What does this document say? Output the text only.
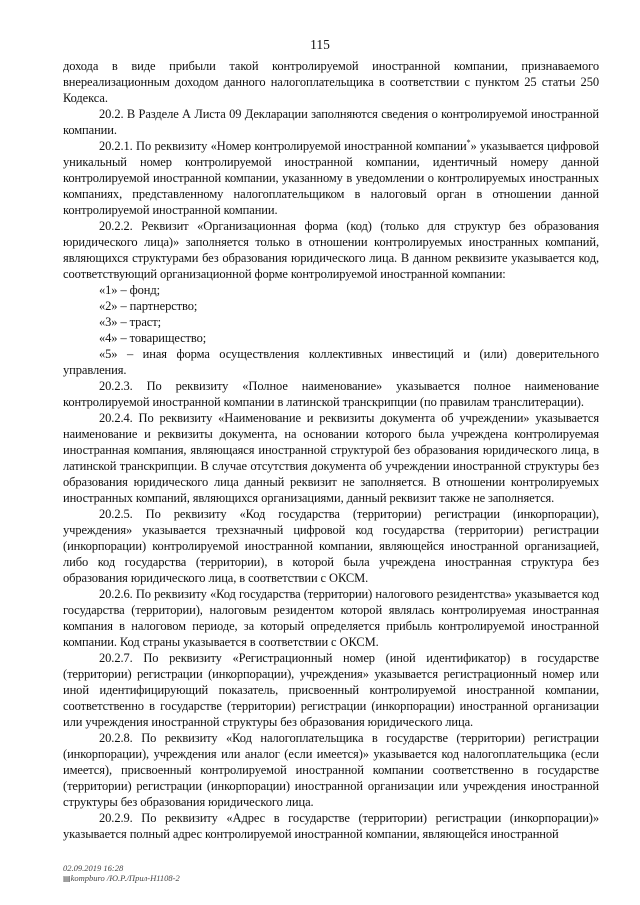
115

дохода в виде прибыли такой контролируемой иностранной компании, признаваемого внереализационным доходом данного налогоплательщика в соответствии с пунктом 25 статьи 250 Кодекса.

20.2. В Разделе А Листа 09 Декларации заполняются сведения о контролируемой иностранной компании.

20.2.1. По реквизиту «Номер контролируемой иностранной компании*» указывается цифровой уникальный номер контролируемой иностранной компании, идентичный номеру данной контролируемой иностранной компании, указанному в уведомлении о контролируемых иностранных компаниях, представленному налогоплательщиком в налоговый орган в отношении данной контролируемой иностранной компании.

20.2.2. Реквизит «Организационная форма (код) (только для структур без образования юридического лица)» заполняется только в отношении контролируемых иностранных компаний, являющихся структурами без образования юридического лица. В данном реквизите указывается код, соответствующий организационной форме контролируемой иностранной компании:

«1» – фонд;

«2» – партнерство;

«3» – траст;

«4» – товарищество;

«5» – иная форма осуществления коллективных инвестиций и (или) доверительного управления.

20.2.3. По реквизиту «Полное наименование» указывается полное наименование контролируемой иностранной компании в латинской транскрипции (по правилам транслитерации).

20.2.4. По реквизиту «Наименование и реквизиты документа об учреждении» указывается наименование и реквизиты документа, на основании которого была учреждена контролируемая иностранная компания, являющаяся иностранной структурой без образования юридического лица, в латинской транскрипции. В случае отсутствия документа об учреждении иностранной структуры без образования юридического лица данный реквизит не заполняется. В отношении контролируемых иностранных компаний, являющихся организациями, данный реквизит также не заполняется.

20.2.5. По реквизиту «Код государства (территории) регистрации (инкорпорации), учреждения» указывается трехзначный цифровой код государства (территории) регистрации (инкорпорации) контролируемой иностранной компании, являющейся иностранной организацией, либо код государства (территории), в которой была учреждена иностранная структура без образования юридического лица, в соответствии с ОКСМ.

20.2.6. По реквизиту «Код государства (территории) налогового резидентства» указывается код государства (территории), налоговым резидентом которой являлась контролируемая иностранная компания в налоговом периоде, за который определяется прибыль контролируемой иностранной компании. Код страны указывается в соответствии с ОКСМ.

20.2.7. По реквизиту «Регистрационный номер (иной идентификатор) в государстве (территории) регистрации (инкорпорации), учреждения» указывается регистрационный номер или иной идентифицирующий показатель, присвоенный контролируемой иностранной компании, соответственно в государстве (территории) регистрации (инкорпорации) иностранной организации или учреждения иностранной структуры без образования юридического лица.

20.2.8. По реквизиту «Код налогоплательщика в государстве (территории) регистрации (инкорпорации), учреждения или аналог (если имеется)» указывается код налогоплательщика (если имеется), присвоенный контролируемой иностранной компании соответственно в государстве (территории) регистрации (инкорпорации) иностранной организации или учреждения иностранной структуры без образования юридического лица.

20.2.9. По реквизиту «Адрес в государстве (территории) регистрации (инкорпорации)» указывается полный адрес контролируемой иностранной компании, являющейся иностранной

02.09.2019 16:28
▤kompburo /Ю.Р./Прил-Н1108-2
